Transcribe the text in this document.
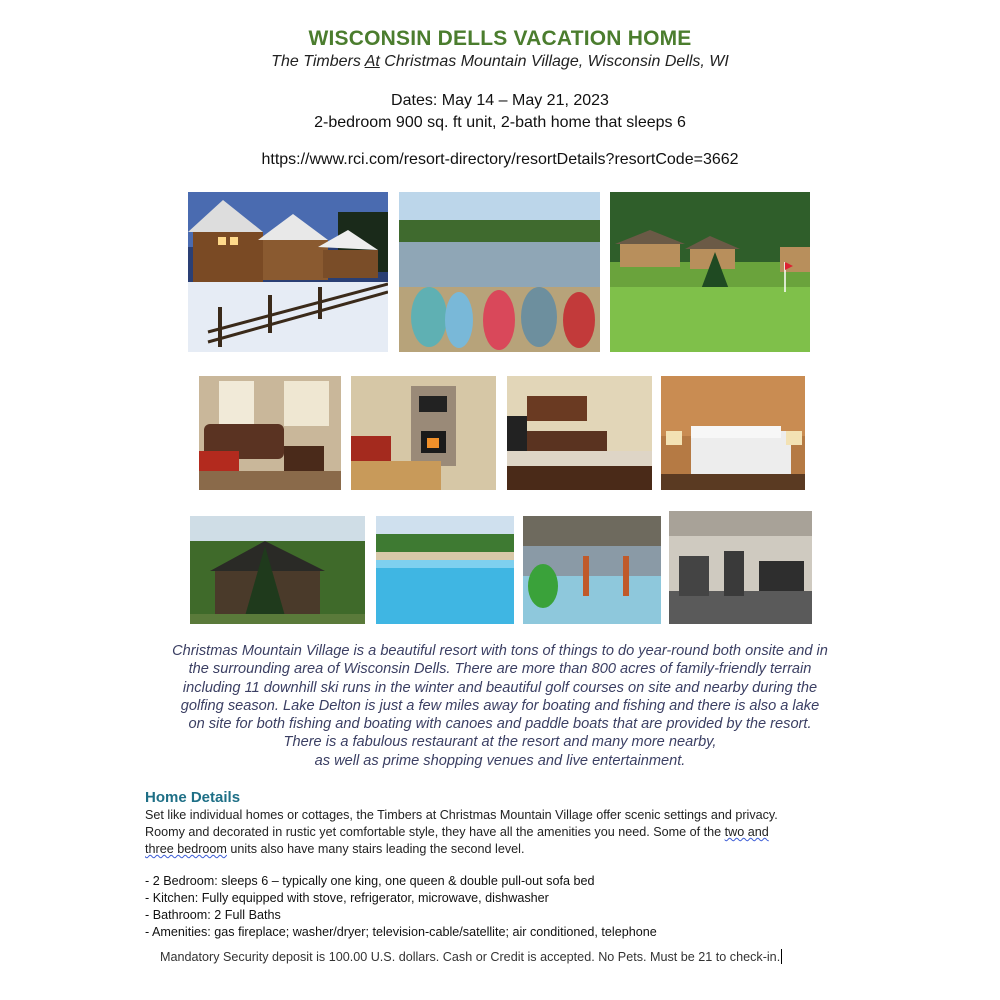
WISCONSIN DELLS VACATION HOME
The Timbers At Christmas Mountain Village, Wisconsin Dells, WI
Dates: May 14 – May 21, 2023
2-bedroom 900 sq. ft unit, 2-bath home that sleeps 6
https://www.rci.com/resort-directory/resortDetails?resortCode=3662
Christmas Mountain Village is a beautiful resort with tons of things to do year-round both onsite and in
the surrounding area of Wisconsin Dells. There are more than 800 acres of family-friendly terrain
including 11 downhill ski runs in the winter and beautiful golf courses on site and nearby during the
golfing season. Lake Delton is just a few miles away for boating and fishing and there is also a lake
on site for both fishing and boating with canoes and paddle boats that are provided by the resort.
There is a fabulous restaurant at the resort and many more nearby,
as well as prime shopping venues and live entertainment.
Home Details
Set like individual homes or cottages, the Timbers at Christmas Mountain Village offer scenic settings and privacy.
Roomy and decorated in rustic yet comfortable style, they have all the amenities you need. Some of the two and
three bedroom units also have many stairs leading the second level.
- 2 Bedroom: sleeps 6 – typically one king, one queen & double pull-out sofa bed
- Kitchen: Fully equipped with stove, refrigerator, microwave, dishwasher
- Bathroom: 2 Full Baths
- Amenities: gas fireplace; washer/dryer; television-cable/satellite; air conditioned, telephone
Mandatory Security deposit is 100.00 U.S. dollars. Cash or Credit is accepted. No Pets. Must be 21 to check-in.
